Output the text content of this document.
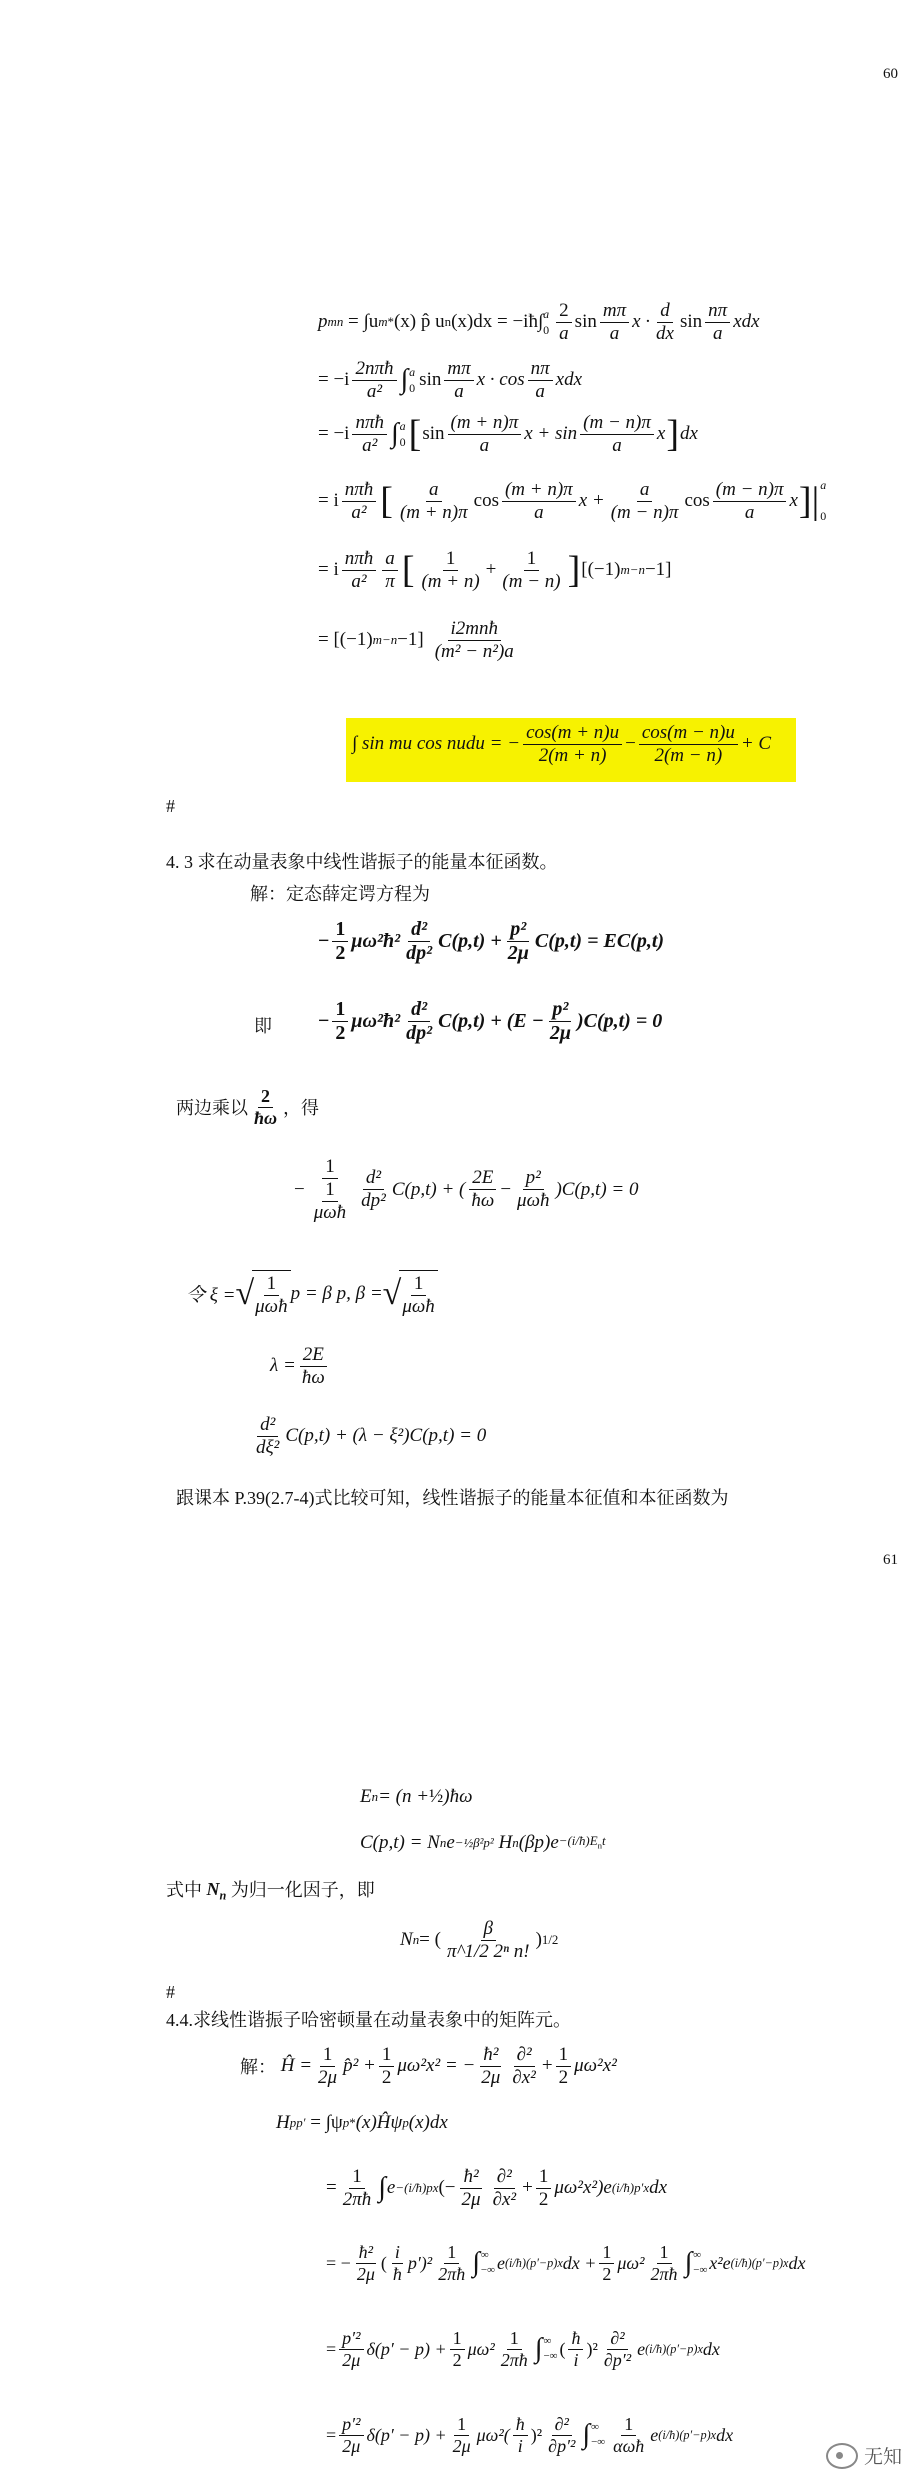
60
p mn
= ∫u m * (x) p̂ u n (x)dx = −iħ∫ a
$0 \frac{2}{a}$ $\sin \frac{m\pi}{a}$ $x \cdot \frac{d}{dx}$ $\sin \frac{n\pi}{a}$ xdx
= $-i \frac{\text{2nπħ}}{\text{a²}}$ ∫ a
0 $\sin \frac{m\pi}{a}$ $x \cdot \cos \frac{n\pi}{a}$ xdx
= $-i \frac{\text{nπħ}}{\text{a²}}$ ∫ a
0 [ $\sin \frac{(m + n)\pi}{a}$ $x + \sin \frac{(m - n)\pi}{a}$ x ] dx
= i $\frac{\text{nπħ}}{\text{a²}}$ [ $\frac{a}{(m + n)\pi}$ $\cos \frac{(m + n)\pi}{a}$ $x + \frac{a}{(m - n)\pi}$ $\cos \frac{(m - n)\pi}{a}$ x ]| a
0
= i $\frac{\text{nπħ}}{\text{a²}} \frac{a}{\pi}$ [ $\frac{1}{(m + n)} + \frac{1}{(m - n)}$ ] [(−1) m−n −1]
= [(−1) $m-n -1] \frac{\text{i2mnħ}}{\text{(m² − n²)a}}$
∫ sin mu cos nudu = − $\frac{\cos(m + n)u}{2(m + n)} - \frac{\cos(m - n)u}{2(m - n)} + C$
#
4. 3 求在动量表象中线性谐振子的能量本征函数。
解：定态薛定谔方程为
− $\frac{1}{2}$ μω²ħ² $\frac{\text{d²}}{\text{dp²}} C(p,t) + \frac{\text{p²}}{2\mu} C(p,t) = EC(p,t)$
即 − $\frac{1}{2}$ μω²ħ² $\frac{\text{d²}}{\text{dp²}} C(p,t) + (E - \frac{\text{p²}}{2\mu} )C(p,t) = 0$
两边乘以 $\frac{2}{ħ\omega}$ ，得
− $\frac{1}{\frac{1}{\text{μωħ}}} \frac{\text{d²}}{\text{dp²}} C(p,t)$ + ( $\frac{2E}{ħ\omega} - \frac{\text{p²}}{\text{μωħ}} )C(p,t) = 0$
令 ξ = √
$\frac{1}{\text{μωħ}}$ p = β p, β = √
$\frac{1}{\text{μωħ}}$
$\lambda = \frac{2E}{ħ\omega}$
$\frac{\text{d²}}{\text{dξ²}} C(p,t) + (\lambda - \xi^2)C(p,t) = 0$
跟课本 P.39(2.7-4)式比较可知，线性谐振子的能量本征值和本征函数为
61
E n = (n + ½ )ħω
C(p,t) = N n e −½β²p²
H n $(\beta p)e -(i/ħ)E_nt$
式中
$N_n$
为归一化因子，即
N n = ( $\frac{\beta}{\text{π\textasciicircum{}1/2 2ⁿ n!}}$ ) 1/2
#
4.4.求线性谐振子哈密顿量在动量表象中的矩阵元。
解：
Ĥ = $\frac{1}{2\mu}$ p̂² + $\frac{1}{2} \mu\omega^2x^2$ = − $\frac{\text{ħ²}}{2\mu} \frac{\text{∂²}}{\text{∂x²}} + \frac{1}{2} \mu\omega^2x^2$
H pp′
= ∫ψ p * (x)Ĥψ p (x)dx
= $\frac{1}{2\pi ħ}$ ∫ e −(i/ħ)px (− $\frac{\text{ħ²}}{2\mu} \frac{\text{∂²}}{\text{∂x²}} + \frac{1}{2} \mu\omega^2x^2)e$ (i/ħ)p′x dx
= − $\frac{\text{ħ²}}{2\mu}$ ( $\frac{i}{ħ} p')^2 \frac{1}{2\pi ħ}$ ∫ ∞
−∞ e (i/ħ)(p′−p)x dx + $\frac{1}{2} \mu\omega^2 \frac{1}{2\pi ħ}$ ∫ ∞
−∞ x²e (i/ħ)(p′−p)x dx
= $\frac{\text{p′²}}{2\mu} \delta(p' - p) + \frac{1}{2} \mu\omega^2 \frac{1}{2\pi ħ}$ ∫ ∞
−∞ ( $\frac{ħ}{i} )^2 \frac{\text{∂²}}{\text{∂p′²}}$ e (i/ħ)(p′−p)x dx
= $\frac{\text{p′²}}{2\mu} \delta(p' - p) + \frac{1}{2\mu} \mu\omega^2( \frac{ħ}{i} )^2 \frac{\text{∂²}}{\text{∂p′²}}$ ∫ ∞
−∞ $\frac{1}{\text{αωħ}}$ e (i/ħ)(p′−p)x dx
无知
